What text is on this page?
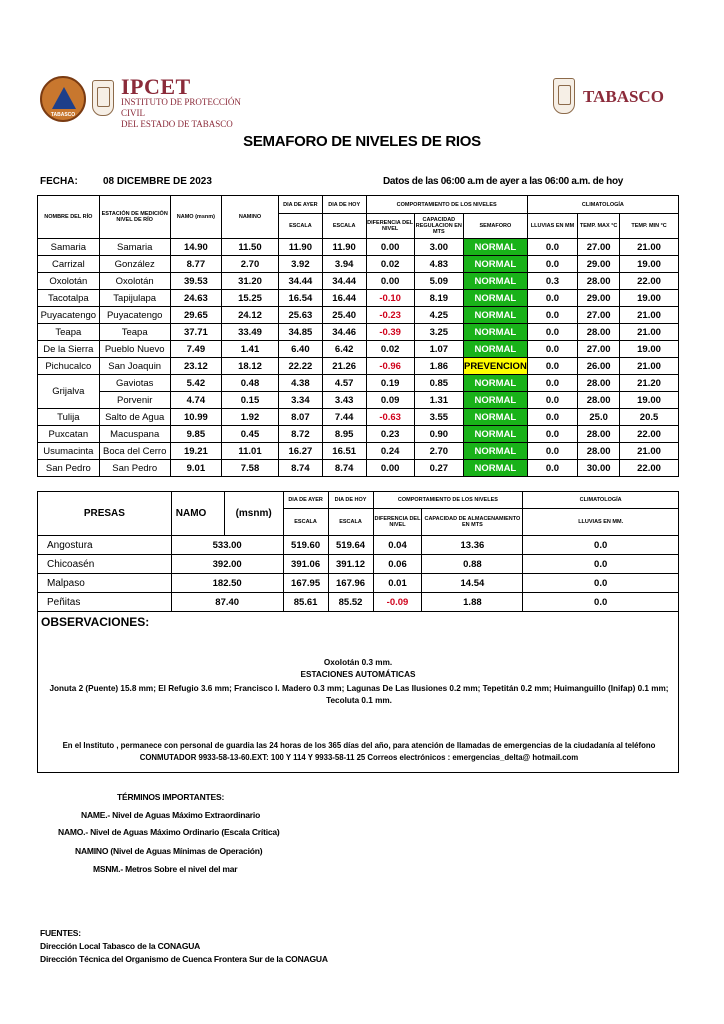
TABASCO
IPCET
INSTITUTO DE PROTECCIÓN CIVIL
DEL ESTADO DE TABASCO
TABASCO
SEMAFORO DE NIVELES DE RIOS
FECHA:	08 DICEMBRE DE 2023	Datos de las 06:00 a.m de ayer a las 06:00 a.m. de hoy
NOMBRE DEL RÍO	ESTACIÓN DE MEDICIÓN NIVEL DE RÍO	NAMO (msnm)	NAMINO	DIA DE AYER	DIA DE HOY	COMPORTAMIENTO DE LOS NIVELES			CLIMATOLOGÍA		
				ESCALA	ESCALA	DIFERENCIA DEL NIVEL	CAPACIDAD REGULACION EN MTS	SEMAFORO	LLUVIAS EN MM	TEMP. MAX °C	TEMP. MIN °C
Samaria	Samaria	14.90	11.50	11.90	11.90	0.00	3.00	NORMAL	0.0	27.00	21.00
Carrizal	González	8.77	2.70	3.92	3.94	0.02	4.83	NORMAL	0.0	29.00	19.00
Oxolotán	Oxolotán	39.53	31.20	34.44	34.44	0.00	5.09	NORMAL	0.3	28.00	22.00
Tacotalpa	Tapijulapa	24.63	15.25	16.54	16.44	-0.10	8.19	NORMAL	0.0	29.00	19.00
Puyacatengo	Puyacatengo	29.65	24.12	25.63	25.40	-0.23	4.25	NORMAL	0.0	27.00	21.00
Teapa	Teapa	37.71	33.49	34.85	34.46	-0.39	3.25	NORMAL	0.0	28.00	21.00
De la Sierra	Pueblo Nuevo	7.49	1.41	6.40	6.42	0.02	1.07	NORMAL	0.0	27.00	19.00
Pichucalco	San Joaquin	23.12	18.12	22.22	21.26	-0.96	1.86	PREVENCION	0.0	26.00	21.00
Grijalva	Gaviotas	5.42	0.48	4.38	4.57	0.19	0.85	NORMAL	0.0	28.00	21.20
	Porvenir	4.74	0.15	3.34	3.43	0.09	1.31	NORMAL	0.0	28.00	19.00
Tulija	Salto de Agua	10.99	1.92	8.07	7.44	-0.63	3.55	NORMAL	0.0	25.0	20.5
Puxcatan	Macuspana	9.85	0.45	8.72	8.95	0.23	0.90	NORMAL	0.0	28.00	22.00
Usumacinta	Boca del Cerro	19.21	11.01	16.27	16.51	0.24	2.70	NORMAL	0.0	28.00	21.00
San Pedro	San Pedro	9.01	7.58	8.74	8.74	0.00	0.27	NORMAL	0.0	30.00	22.00
PRESAS	NAMO	(msnm)	DIA DE AYER	DIA DE HOY	COMPORTAMIENTO DE LOS NIVELES		CLIMATOLOGÍA
			ESCALA	ESCALA	DIFERENCIA DEL NIVEL	CAPACIDAD DE ALMACENAMIENTO EN MTS	LLUVIAS EN MM.
Angostura	533.00		519.60	519.64	0.04	13.36	0.0
Chicoasén	392.00		391.06	391.12	0.06	0.88	0.0
Malpaso	182.50		167.95	167.96	0.01	14.54	0.0
Peñitas	87.40		85.61	85.52	-0.09	1.88	0.0
OBSERVACIONES:
Oxolotán 0.3 mm.
ESTACIONES AUTOMÁTICAS
Jonuta 2 (Puente) 15.8 mm; El Refugio 3.6 mm; Francisco I. Madero 0.3 mm; Lagunas De Las Ilusiones 0.2 mm; Tepetitán 0.2 mm; Huimanguillo (Inifap) 0.1 mm; Tecoluta 0.1 mm.
En el Instituto , permanece con personal de guardia las 24 horas de los 365 días del año, para atención de llamadas de emergencias de la ciudadanía al teléfono
CONMUTADOR 9933-58-13-60.EXT: 100 Y 114 Y 9933-58-11 25 Correos electrónicos : emergencias_delta@ hotmail.com
TÉRMINOS IMPORTANTES:
NAME.- Nivel de Aguas Máximo Extraordinario
NAMO.- Nivel de Aguas Máximo Ordinario (Escala Crítica)
NAMINO (Nivel de Aguas Mínimas de Operación)
MSNM.- Metros Sobre el nivel del mar
FUENTES:
Dirección Local Tabasco de la CONAGUA
Dirección Técnica del Organismo de Cuenca Frontera Sur de la CONAGUA
